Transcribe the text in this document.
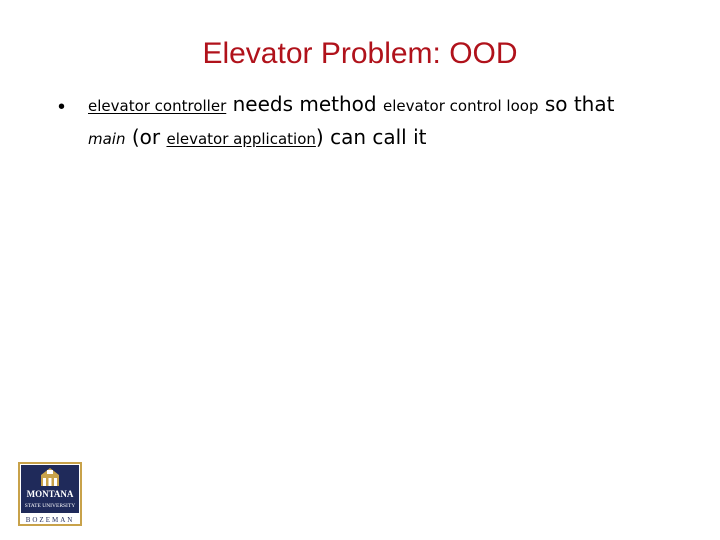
Elevator Problem: OOD
• elevator controller needs method elevator control loop so that
main (or elevator application) can call it
MONTANA
STATE UNIVERSITY
BOZEMAN
